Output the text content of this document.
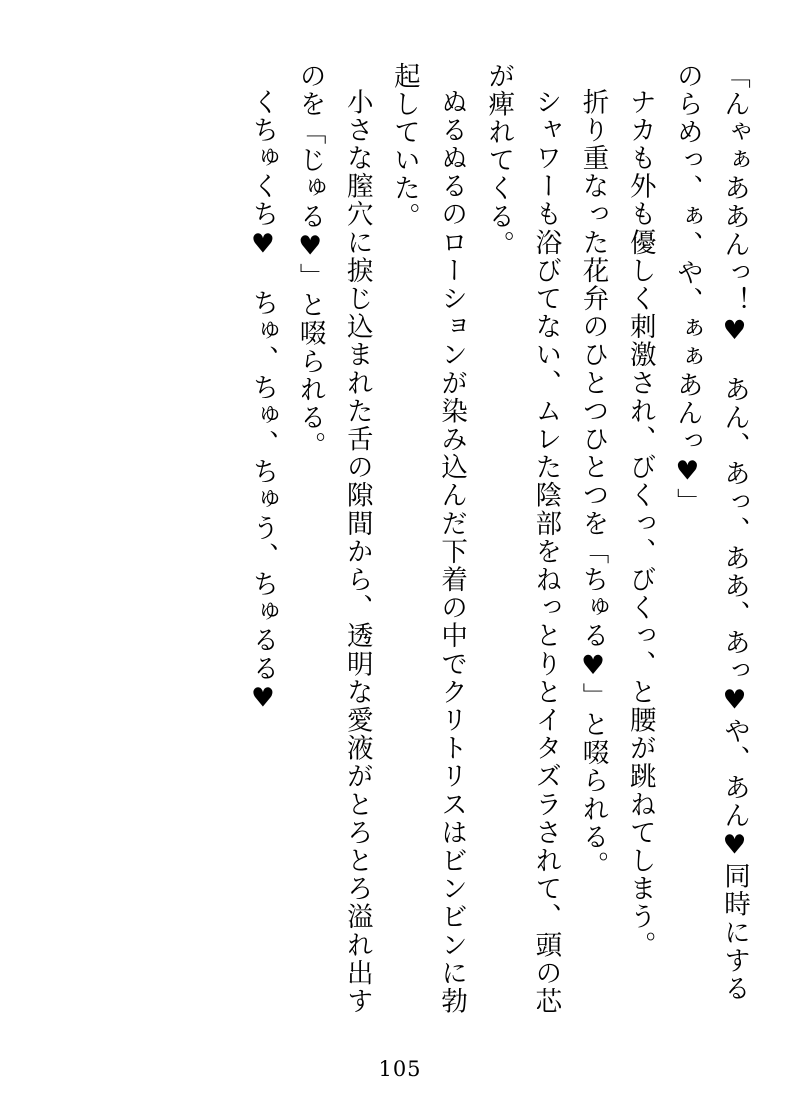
「んゃぁああんっ！♥　あん、あっ、ああ、あっ♥や、あん♥同時にするのらめっ、ぁ、や、ぁぁあんっ♥」

ナカも外も優しく刺激され、びくっ、びくっ、と腰が跳ねてしまう。

折り重なった花弁のひとつひとつを「ちゅる♥」と啜られる。

シャワーも浴びてない、ムレた陰部をねっとりとイタズラされて、頭の芯が痺れてくる。

ぬるぬるのローションが染み込んだ下着の中でクリトリスはビンビンに勃起していた。

小さな膣穴に捩じ込まれた舌の隙間から、透明な愛液がとろとろ溢れ出すのを「じゅる♥」と啜られる。

くちゅくち♥　ちゅ、ちゅ、ちゅう、ちゅるる♥

105
